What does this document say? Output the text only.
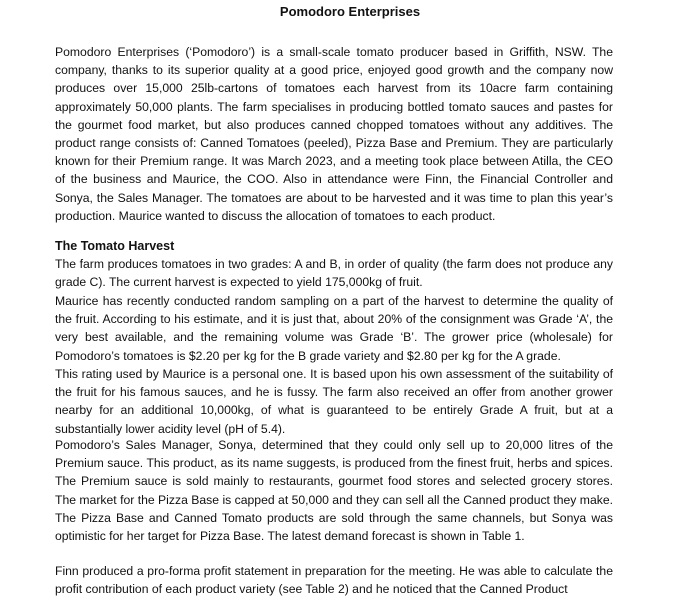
Pomodoro Enterprises

Pomodoro Enterprises (‘Pomodoro’) is a small-scale tomato producer based in Griffith, NSW. The company, thanks to its superior quality at a good price, enjoyed good growth and the company now produces over 15,000 25lb-cartons of tomatoes each harvest from its 10acre farm containing approximately 50,000 plants. The farm specialises in producing bottled tomato sauces and pastes for the gourmet food market, but also produces canned chopped tomatoes without any additives. The product range consists of: Canned Tomatoes (peeled), Pizza Base and Premium. They are particularly known for their Premium range. It was March 2023, and a meeting took place between Atilla, the CEO of the business and Maurice, the COO. Also in attendance were Finn, the Financial Controller and Sonya, the Sales Manager. The tomatoes are about to be harvested and it was time to plan this year’s production. Maurice wanted to discuss the allocation of tomatoes to each product.

The Tomato Harvest

The farm produces tomatoes in two grades: A and B, in order of quality (the farm does not produce any grade C). The current harvest is expected to yield 175,000kg of fruit.

Maurice has recently conducted random sampling on a part of the harvest to determine the quality of the fruit. According to his estimate, and it is just that, about 20% of the consignment was Grade ‘A’, the very best available, and the remaining volume was Grade ‘B’. The grower price (wholesale) for Pomodoro’s tomatoes is $2.20 per kg for the B grade variety and $2.80 per kg for the A grade.

This rating used by Maurice is a personal one. It is based upon his own assessment of the suitability of the fruit for his famous sauces, and he is fussy. The farm also received an offer from another grower nearby for an additional 10,000kg, of what is guaranteed to be entirely Grade A fruit, but at a substantially lower acidity level (pH of 5.4).

Pomodoro’s Sales Manager, Sonya, determined that they could only sell up to 20,000 litres of the Premium sauce. This product, as its name suggests, is produced from the finest fruit, herbs and spices. The Premium sauce is sold mainly to restaurants, gourmet food stores and selected grocery stores. The market for the Pizza Base is capped at 50,000 and they can sell all the Canned product they make. The Pizza Base and Canned Tomato products are sold through the same channels, but Sonya was optimistic for her target for Pizza Base. The latest demand forecast is shown in Table 1.

Finn produced a pro-forma profit statement in preparation for the meeting. He was able to calculate the profit contribution of each product variety (see Table 2) and he noticed that the Canned Product
